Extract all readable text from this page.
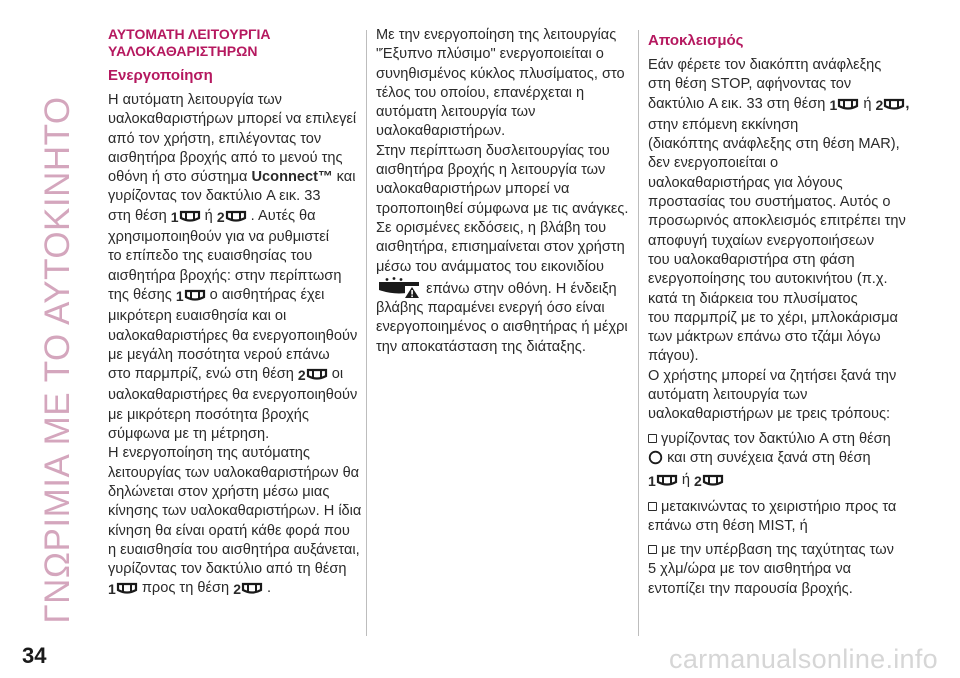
ΓΝΩΡΙΜΙΑ ΜΕ ΤΟ ΑΥΤΟΚΙΝΗΤΟ
ΑΥΤΟΜΑΤΗ ΛΕΙΤΟΥΡΓΙΑ
ΥΑΛΟΚΑΘΑΡΙΣΤΗΡΩΝ
Ενεργοποίηση
Η αυτόματη λειτουργία των
υαλοκαθαριστήρων μπορεί να επιλεγεί
από τον χρήστη, επιλέγοντας τον
αισθητήρα βροχής από το μενού της
οθόνη ή στο σύστημα Uconnect™ και
γυρίζοντας τον δακτύλιο A εικ. 33
στη θέση 1 ή 2 . Αυτές θα
χρησιμοποιηθούν για να ρυθμιστεί
το επίπεδο της ευαισθησίας του
αισθητήρα βροχής: στην περίπτωση
της θέσης 1 ο αισθητήρας έχει
μικρότερη ευαισθησία και οι
υαλοκαθαριστήρες θα ενεργοποιηθούν
με μεγάλη ποσότητα νερού επάνω
στο παρμπρίζ, ενώ στη θέση 2 οι
υαλοκαθαριστήρες θα ενεργοποιηθούν
με μικρότερη ποσότητα βροχής
σύμφωνα με τη μέτρηση.
Η ενεργοποίηση της αυτόματης
λειτουργίας των υαλοκαθαριστήρων θα
δηλώνεται στον χρήστη μέσω μιας
κίνησης των υαλοκαθαριστήρων. Η ίδια
κίνηση θα είναι ορατή κάθε φορά που
η ευαισθησία του αισθητήρα αυξάνεται,
γυρίζοντας τον δακτύλιο από τη θέση
1 προς τη θέση 2 .
Με την ενεργοποίηση της λειτουργίας
"Έξυπνο πλύσιμο" ενεργοποιείται ο
συνηθισμένος κύκλος πλυσίματος, στο
τέλος του οποίου, επανέρχεται η
αυτόματη λειτουργία των
υαλοκαθαριστήρων.
Στην περίπτωση δυσλειτουργίας του
αισθητήρα βροχής η λειτουργία των
υαλοκαθαριστήρων μπορεί να
τροποποιηθεί σύμφωνα με τις ανάγκες.
Σε ορισμένες εκδόσεις, η βλάβη του
αισθητήρα, επισημαίνεται στον χρήστη
μέσω του ανάμματος του εικονιδίου
επάνω στην οθόνη. Η ένδειξη
βλάβης παραμένει ενεργή όσο είναι
ενεργοποιημένος ο αισθητήρας ή μέχρι
την αποκατάσταση της διάταξης.
Αποκλεισμός
Εάν φέρετε τον διακόπτη ανάφλεξης
στη θέση STOP, αφήνοντας τον
δακτύλιο A εικ. 33 στη θέση 1 ή 2 ,
στην επόμενη εκκίνηση
(διακόπτης ανάφλεξης στη θέση MAR),
δεν ενεργοποιείται ο
υαλοκαθαριστήρας για λόγους
προστασίας του συστήματος. Αυτός ο
προσωρινός αποκλεισμός επιτρέπει την
αποφυγή τυχαίων ενεργοποιήσεων
του υαλοκαθαριστήρα στη φάση
ενεργοποίησης του αυτοκινήτου (π.χ.
κατά τη διάρκεια του πλυσίματος
του παρμπρίζ με το χέρι, μπλοκάρισμα
των μάκτρων επάνω στο τζάμι λόγω
πάγου).
Ο χρήστης μπορεί να ζητήσει ξανά την
αυτόματη λειτουργία των
υαλοκαθαριστήρων με τρεις τρόπους:
γυρίζοντας τον δακτύλιο A στη θέση
και στη συνέχεια ξανά στη θέση
1 ή 2
μετακινώντας το χειριστήριο προς τα
επάνω στη θέση MIST, ή
με την υπέρβαση της ταχύτητας των
5 χλμ/ώρα με τον αισθητήρα να
εντοπίζει την παρουσία βροχής.
34	carmanualsonline.info
